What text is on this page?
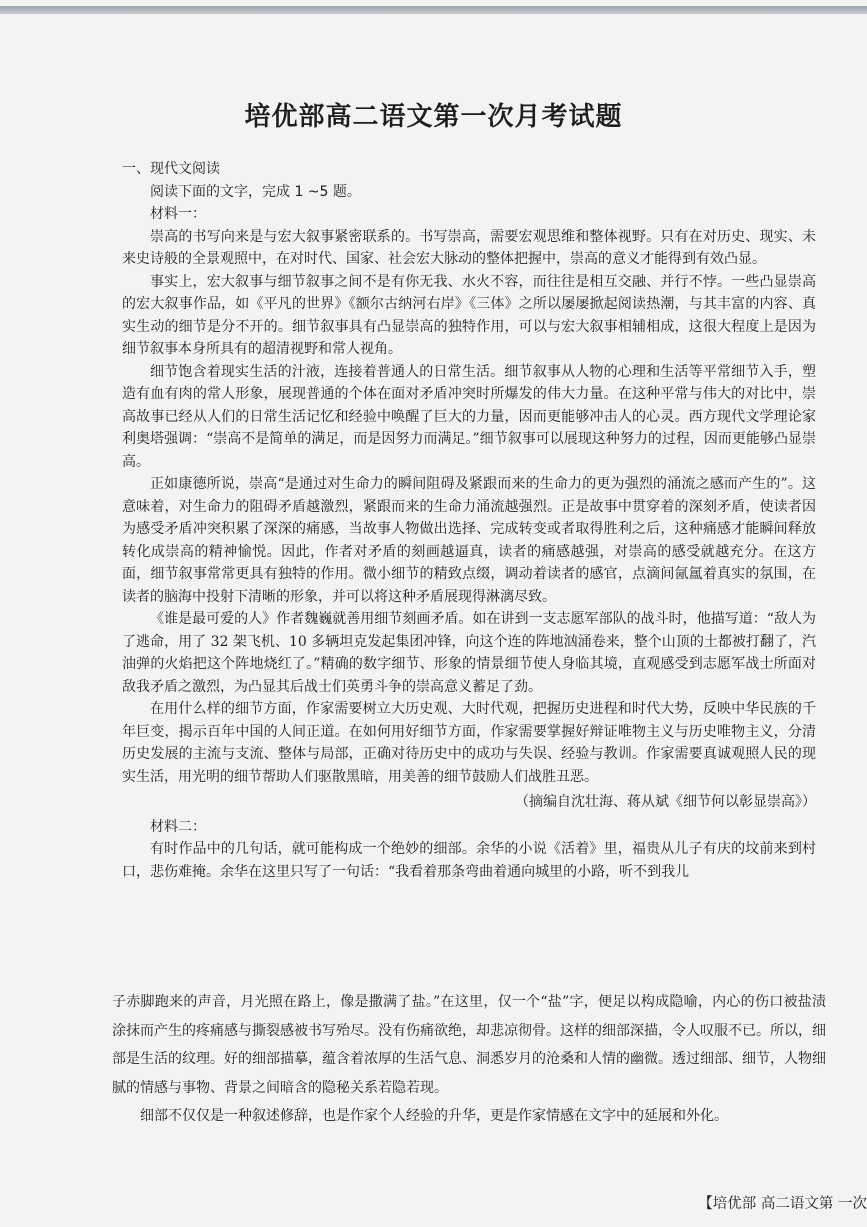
培优部高二语文第一次月考试题

一、现代文阅读

阅读下面的文字，完成 1 ~5 题。

材料一：

崇高的书写向来是与宏大叙事紧密联系的。书写崇高，需要宏观思维和整体视野。只有在对历史、现实、未来史诗般的全景观照中，在对时代、国家、社会宏大脉动的整体把握中，崇高的意义才能得到有效凸显。

事实上，宏大叙事与细节叙事之间不是有你无我、水火不容，而往往是相互交融、并行不悖。一些凸显崇高的宏大叙事作品，如《平凡的世界》《额尔古纳河右岸》《三体》之所以屡屡掀起阅读热潮，与其丰富的内容、真实生动的细节是分不开的。细节叙事具有凸显崇高的独特作用，可以与宏大叙事相辅相成，这很大程度上是因为细节叙事本身所具有的超清视野和常人视角。

细节饱含着现实生活的汁液，连接着普通人的日常生活。细节叙事从人物的心理和生活等平常细节入手，塑造有血有肉的常人形象，展现普通的个体在面对矛盾冲突时所爆发的伟大力量。在这种平常与伟大的对比中，崇高故事已经从人们的日常生活记忆和经验中唤醒了巨大的力量，因而更能够冲击人的心灵。西方现代文学理论家利奥塔强调：“崇高不是简单的满足，而是因努力而满足。”细节叙事可以展现这种努力的过程，因而更能够凸显崇高。

正如康德所说，崇高“是通过对生命力的瞬间阻碍及紧跟而来的生命力的更为强烈的涌流之感而产生的”。这意味着，对生命力的阻碍矛盾越激烈，紧跟而来的生命力涌流越强烈。正是故事中贯穿着的深刻矛盾，使读者因为感受矛盾冲突积累了深深的痛感，当故事人物做出选择、完成转变或者取得胜利之后，这种痛感才能瞬间释放转化成崇高的精神愉悦。因此，作者对矛盾的刻画越逼真，读者的痛感越强，对崇高的感受就越充分。在这方面，细节叙事常常更具有独特的作用。微小细节的精致点缀，调动着读者的感官，点滴间氤氲着真实的氛围，在读者的脑海中投射下清晰的形象，并可以将这种矛盾展现得淋漓尽致。

《谁是最可爱的人》作者魏巍就善用细节刻画矛盾。如在讲到一支志愿军部队的战斗时，他描写道：“敌人为了逃命，用了 32 架飞机、10 多辆坦克发起集团冲锋，向这个连的阵地汹涌卷来，整个山顶的土都被打翻了，汽油弹的火焰把这个阵地烧红了。”精确的数字细节、形象的情景细节使人身临其境，直观感受到志愿军战士所面对敌我矛盾之激烈，为凸显其后战士们英勇斗争的崇高意义蓄足了劲。

在用什么样的细节方面，作家需要树立大历史观、大时代观，把握历史进程和时代大势，反映中华民族的千年巨变，揭示百年中国的人间正道。在如何用好细节方面，作家需要掌握好辩证唯物主义与历史唯物主义，分清历史发展的主流与支流、整体与局部，正确对待历史中的成功与失误、经验与教训。作家需要真诚观照人民的现实生活，用光明的细节帮助人们驱散黑暗，用美善的细节鼓励人们战胜丑恶。

（摘编自沈壮海、蒋从斌《细节何以彰显崇高》）

材料二：

有时作品中的几句话，就可能构成一个绝妙的细部。余华的小说《活着》里，福贵从儿子有庆的坟前来到村口，悲伤难掩。余华在这里只写了一句话：“我看着那条弯曲着通向城里的小路，听不到我儿

子赤脚跑来的声音，月光照在路上，像是撒满了盐。”在这里，仅一个“盐”字，便足以构成隐喻，内心的伤口被盐渍涂抹而产生的疼痛感与撕裂感被书写殆尽。没有伤痛欲绝，却悲凉彻骨。这样的细部深描，令人叹服不已。所以，细部是生活的纹理。好的细部描摹，蕴含着浓厚的生活气息、洞悉岁月的沧桑和人情的幽微。透过细部、细节，人物细腻的情感与事物、背景之间暗含的隐秘关系若隐若现。

细部不仅仅是一种叙述修辞，也是作家个人经验的升华，更是作家情感在文字中的延展和外化。

【培优部 高二语文第 一次
